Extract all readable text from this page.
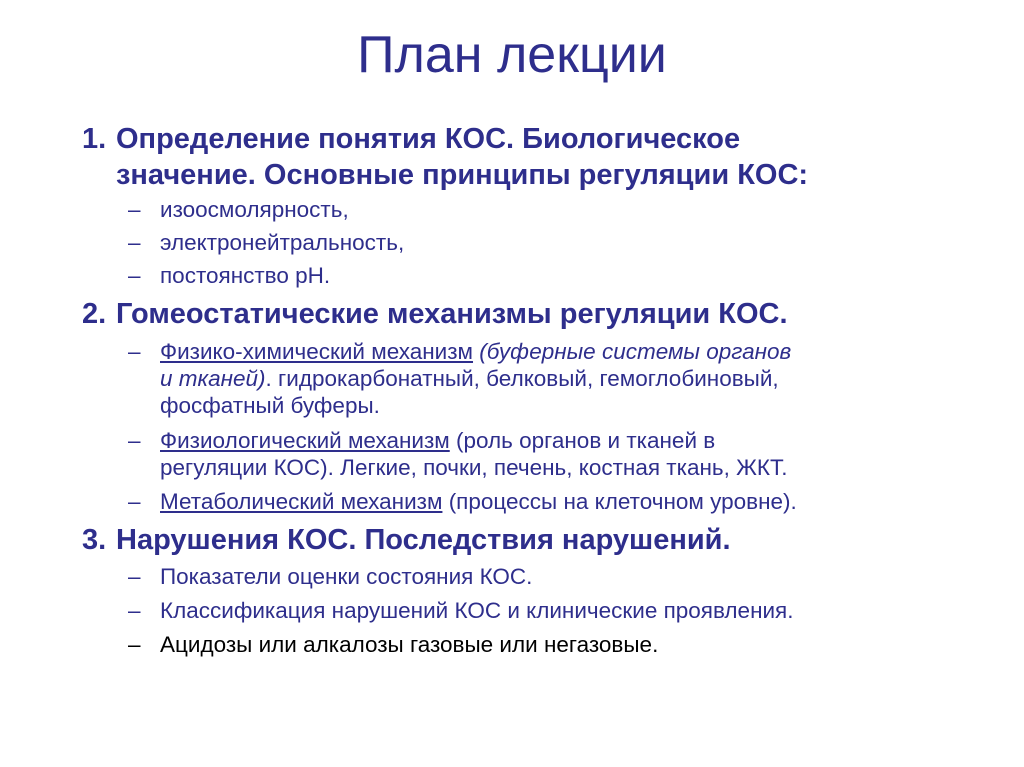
План лекции
1. Определение понятия КОС. Биологическое
значение. Основные принципы регуляции КОС:
– изоосмолярность,
– электронейтральность,
– постоянство рН.
2. Гомеостатические механизмы регуляции КОС.
– Физико-химический механизм (буферные системы органов
и тканей). гидрокарбонатный, белковый, гемоглобиновый,
фосфатный буферы.
– Физиологический механизм (роль органов и тканей в
регуляции КОС). Легкие, почки, печень, костная ткань, ЖКТ.
– Метаболический механизм (процессы на клеточном уровне).
3. Нарушения КОС. Последствия нарушений.
– Показатели оценки состояния КОС.
– Классификация нарушений КОС и клинические проявления.
– Ацидозы или алкалозы газовые или негазовые.
